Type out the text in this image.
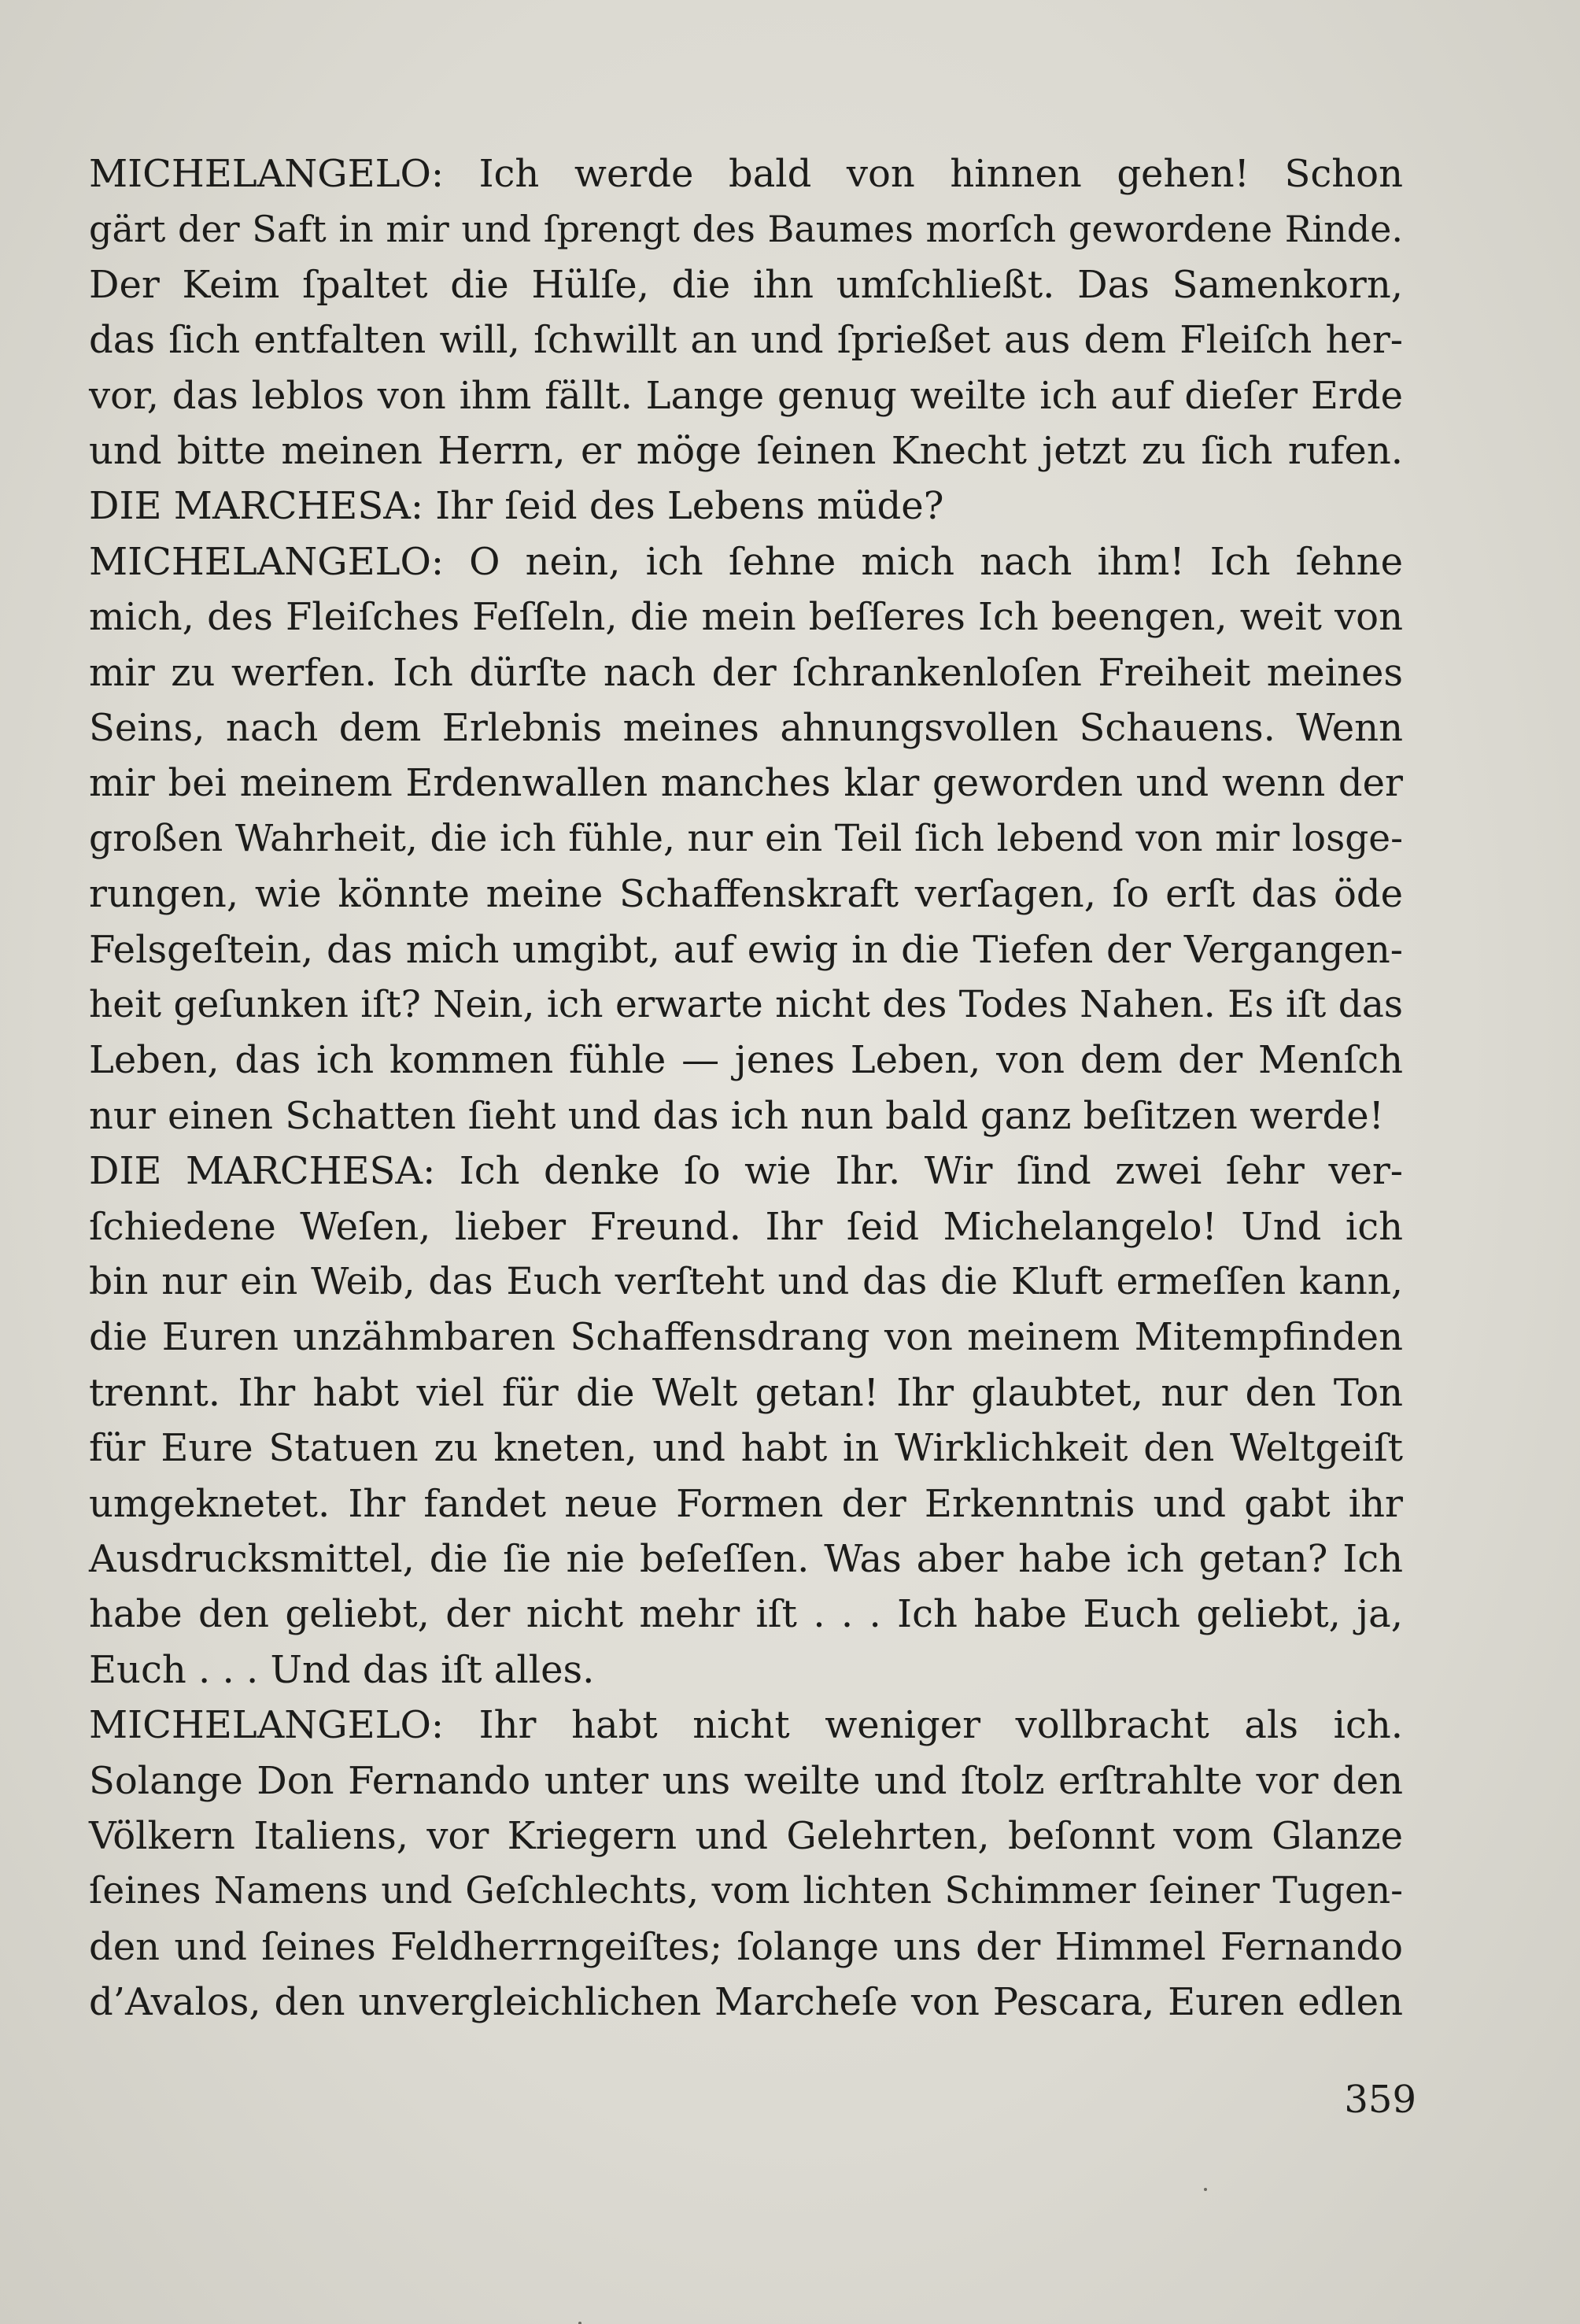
MICHELANGELO: Ich werde bald von hinnen gehen! Schon
gärt der Saft in mir und ſprengt des Baumes morſch gewordene Rinde.
Der Keim ſpaltet die Hülſe, die ihn umſchließt. Das Samenkorn,
das ſich entfalten will, ſchwillt an und ſprießet aus dem Fleiſch her-
vor, das leblos von ihm fällt. Lange genug weilte ich auf dieſer Erde
und bitte meinen Herrn, er möge ſeinen Knecht jetzt zu ſich rufen.
DIE MARCHESA: Ihr ſeid des Lebens müde?
MICHELANGELO: O nein, ich ſehne mich nach ihm! Ich ſehne
mich, des Fleiſches Feſſeln, die mein beſſeres Ich beengen, weit von
mir zu werfen. Ich dürſte nach der ſchrankenloſen Freiheit meines
Seins, nach dem Erlebnis meines ahnungsvollen Schauens. Wenn
mir bei meinem Erdenwallen manches klar geworden und wenn der
großen Wahrheit, die ich fühle, nur ein Teil ſich lebend von mir losge-
rungen, wie könnte meine Schaffenskraft verſagen, ſo erſt das öde
Felsgeſtein, das mich umgibt, auf ewig in die Tiefen der Vergangen-
heit geſunken iſt? Nein, ich erwarte nicht des Todes Nahen. Es iſt das
Leben, das ich kommen fühle — jenes Leben, von dem der Menſch
nur einen Schatten ſieht und das ich nun bald ganz beſitzen werde!
DIE MARCHESA: Ich denke ſo wie Ihr. Wir ſind zwei ſehr ver-
ſchiedene Weſen, lieber Freund. Ihr ſeid Michelangelo! Und ich
bin nur ein Weib, das Euch verſteht und das die Kluft ermeſſen kann,
die Euren unzähmbaren Schaffensdrang von meinem Mitempfinden
trennt. Ihr habt viel für die Welt getan! Ihr glaubtet, nur den Ton
für Eure Statuen zu kneten, und habt in Wirklichkeit den Weltgeiſt
umgeknetet. Ihr fandet neue Formen der Erkenntnis und gabt ihr
Ausdrucksmittel, die ſie nie beſeſſen. Was aber habe ich getan? Ich
habe den geliebt, der nicht mehr iſt . . . Ich habe Euch geliebt, ja,
Euch . . . Und das iſt alles.
MICHELANGELO: Ihr habt nicht weniger vollbracht als ich.
Solange Don Fernando unter uns weilte und ſtolz erſtrahlte vor den
Völkern Italiens, vor Kriegern und Gelehrten, beſonnt vom Glanze
ſeines Namens und Geſchlechts, vom lichten Schimmer ſeiner Tugen-
den und ſeines Feldherrngeiſtes; ſolange uns der Himmel Fernando
d’Avalos, den unvergleichlichen Marcheſe von Pescara, Euren edlen
359
